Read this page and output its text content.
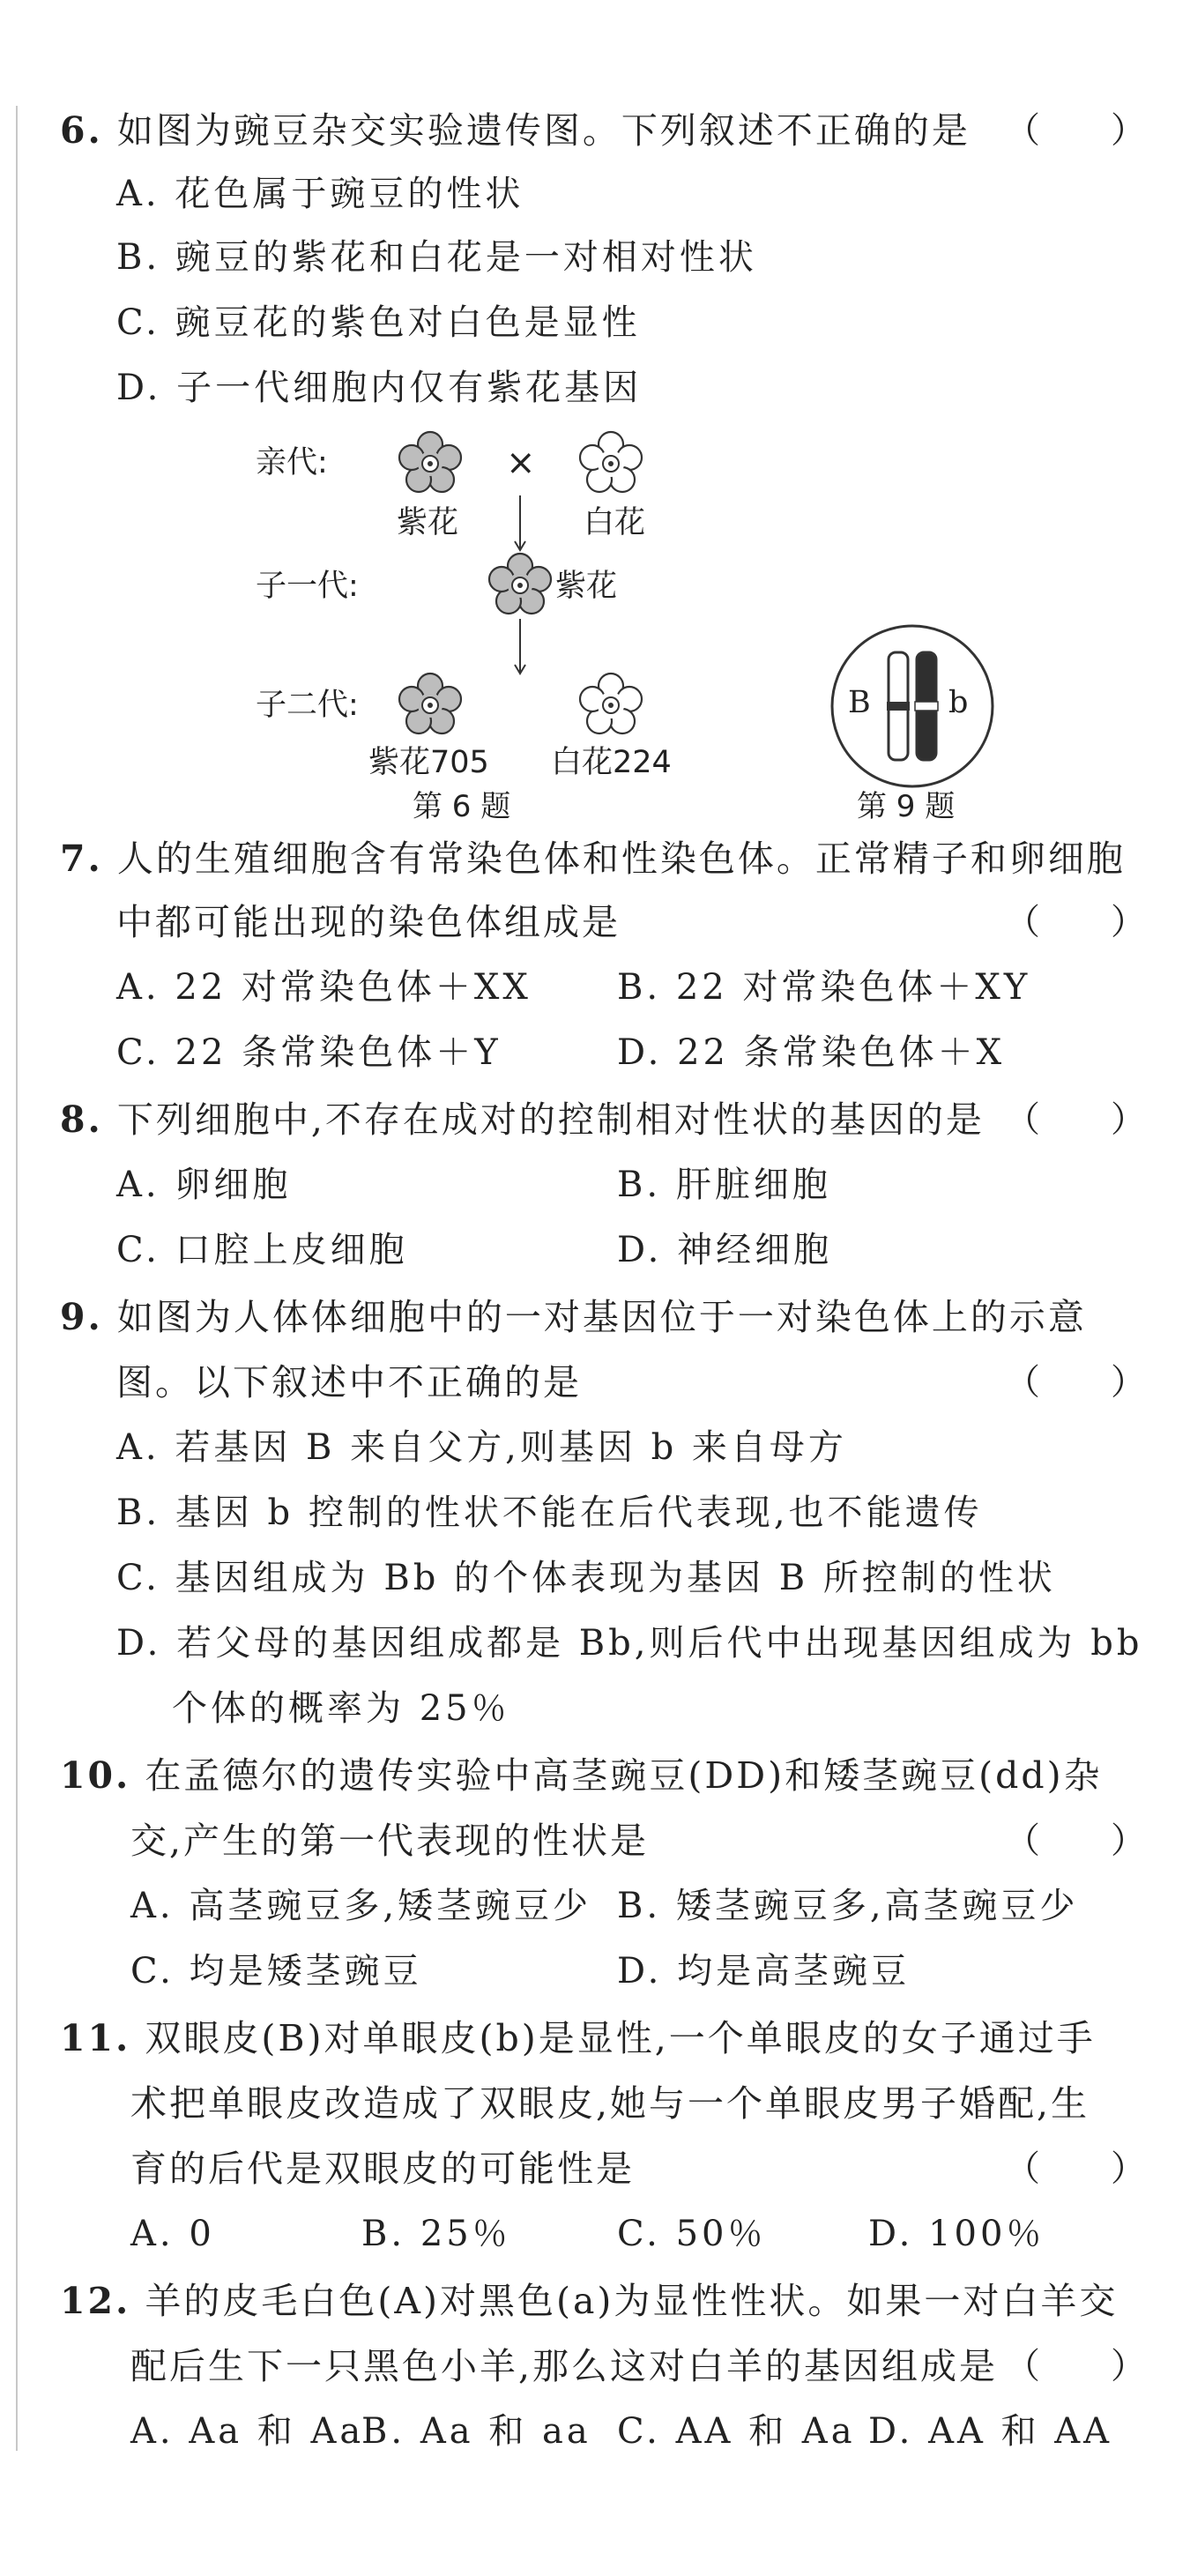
6. 如图为豌豆杂交实验遗传图。下列叙述不正确的是 （　　）
A. 花色属于豌豆的性状
B. 豌豆的紫花和白花是一对相对性状
C. 豌豆花的紫色对白色是显性
D. 子一代细胞内仅有紫花基因
亲代:	×
紫花	白花
子一代:	紫花
子二代:
紫花705 白花224
第 6 题
B	b
第 9 题
7. 人的生殖细胞含有常染色体和性染色体。正常精子和卵细胞
中都可能出现的染色体组成是	（　　）
A. 22 对常染色体＋XX B. 22 对常染色体＋XY
C. 22 条常染色体＋Y	D. 22 条常染色体＋X
8. 下列细胞中,不存在成对的控制相对性状的基因的是 （　　）
A. 卵细胞	B. 肝脏细胞
C. 口腔上皮细胞	D. 神经细胞
9. 如图为人体体细胞中的一对基因位于一对染色体上的示意
图。以下叙述中不正确的是	（　　）
A. 若基因 B 来自父方,则基因 b 来自母方
B. 基因 b 控制的性状不能在后代表现,也不能遗传
C. 基因组成为 Bb 的个体表现为基因 B 所控制的性状
D. 若父母的基因组成都是 Bb,则后代中出现基因组成为 bb
个体的概率为 25％
10. 在孟德尔的遗传实验中高茎豌豆(DD)和矮茎豌豆(dd)杂
交,产生的第一代表现的性状是	（　　）
A. 高茎豌豆多,矮茎豌豆少 B. 矮茎豌豆多,高茎豌豆少
C. 均是矮茎豌豆	D. 均是高茎豌豆
11. 双眼皮(B)对单眼皮(b)是显性,一个单眼皮的女子通过手
术把单眼皮改造成了双眼皮,她与一个单眼皮男子婚配,生
育的后代是双眼皮的可能性是	（　　）
A. 0	B. 25％	C. 50％	D. 100％
12. 羊的皮毛白色(A)对黑色(a)为显性性状。如果一对白羊交
配后生下一只黑色小羊,那么这对白羊的基因组成是 （　　）
A. Aa 和 Aa
B. Aa 和 aa C. AA 和 Aa D. AA 和 AA
